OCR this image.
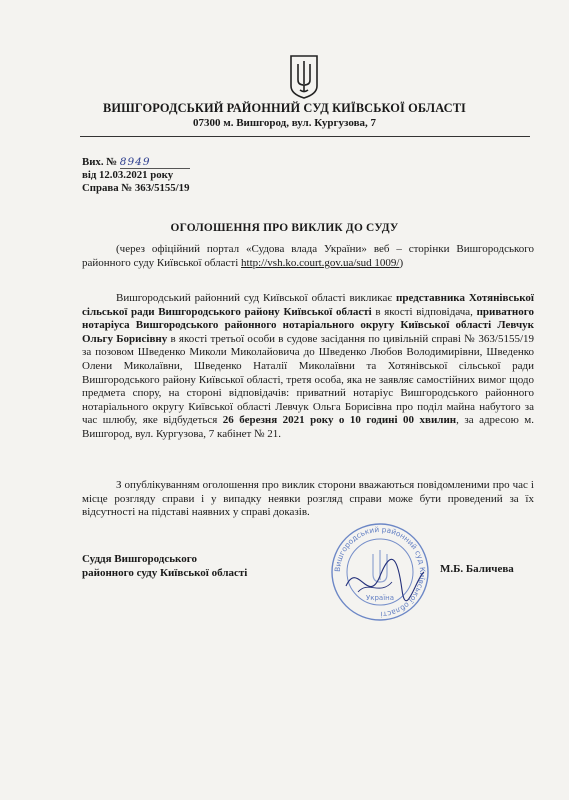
ВИШГОРОДСЬКИЙ РАЙОННИЙ СУД КИЇВСЬКОЇ ОБЛАСТІ
07300 м. Вишгород, вул. Кургузова, 7
Вих. № 8949
від 12.03.2021 року
Справа № 363/5155/19
ОГОЛОШЕННЯ ПРО ВИКЛИК ДО СУДУ
(через офіційний портал «Судова влада України» веб – сторінки Вишгородського районного суду Київської області http://vsh.ko.court.gov.ua/sud 1009/)
Вишгородський районний суд Київської області викликає представника Хотянівської сільської ради Вишгородського району Київської області в якості відповідача, приватного нотаріуса Вишгородського районного нотаріального округу Київської області Левчук Ольгу Борисівну в якості третьої особи в судове засідання по цивільній справі № 363/5155/19 за позовом Шведенко Миколи Миколайовича до Шведенко Любов Володимирівни, Шведенко Олени Миколаївни, Шведенко Наталії Миколаївни та Хотянівської сільської ради Вишгородського району Київської області, третя особа, яка не заявляє самостійних вимог щодо предмета спору, на стороні відповідачів: приватний нотаріус Вишгородського районного нотаріального округу Київської області Левчук Ольга Борисівна про поділ майна набутого за час шлюбу, яке відбудеться 26 березня 2021 року о 10 годині 00 хвилин, за адресою м. Вишгород, вул. Кургузова, 7 кабінет № 21.
З опублікуванням оголошення про виклик сторони вважаються повідомленими про час і місце розгляду справи і у випадку неявки розгляд справи може бути проведений за їх відсутності на підставі наявних у справі доказів.
Суддя Вишгородського
районного суду Київської області	Вишгородський районний суд Київської області
Україна
М.Б. Баличева
